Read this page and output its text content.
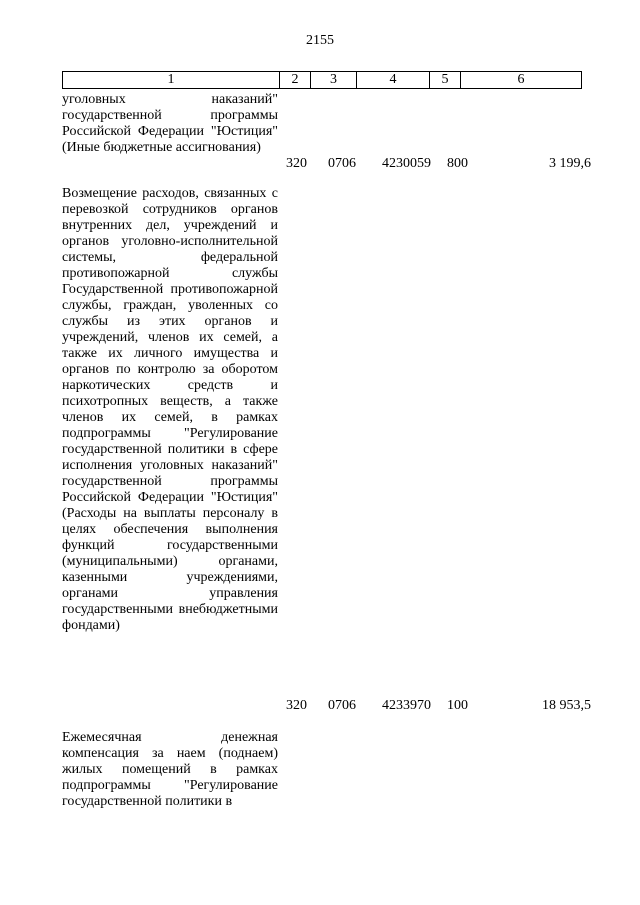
2155
1	2	3	4	5	6

уголовных наказаний" государственной программы Российской Федерации "Юстиция" (Иные бюджетные ассигнования)

320 0706 4230059 800	3 199,6

Возмещение расходов, связанных с перевозкой сотрудников органов внутренних дел, учреждений и органов уголовно-исполнительной системы, федеральной противопожарной службы Государственной противопожарной службы, граждан, уволенных со службы из этих органов и учреждений, членов их семей, а также их личного имущества и органов по контролю за оборотом наркотических средств и психотропных веществ, а также членов их семей, в рамках подпрограммы "Регулирование государственной политики в сфере исполнения уголовных наказаний" государственной программы Российской Федерации "Юстиция" (Расходы на выплаты персоналу в целях обеспечения выполнения функций государственными (муниципальными) органами, казенными учреждениями, органами управления государственными внебюджетными фондами)

320 0706 4233970 100	18 953,5

Ежемесячная денежная компенсация за наем (поднаем) жилых помещений в рамках подпрограммы "Регулирование государственной политики в
